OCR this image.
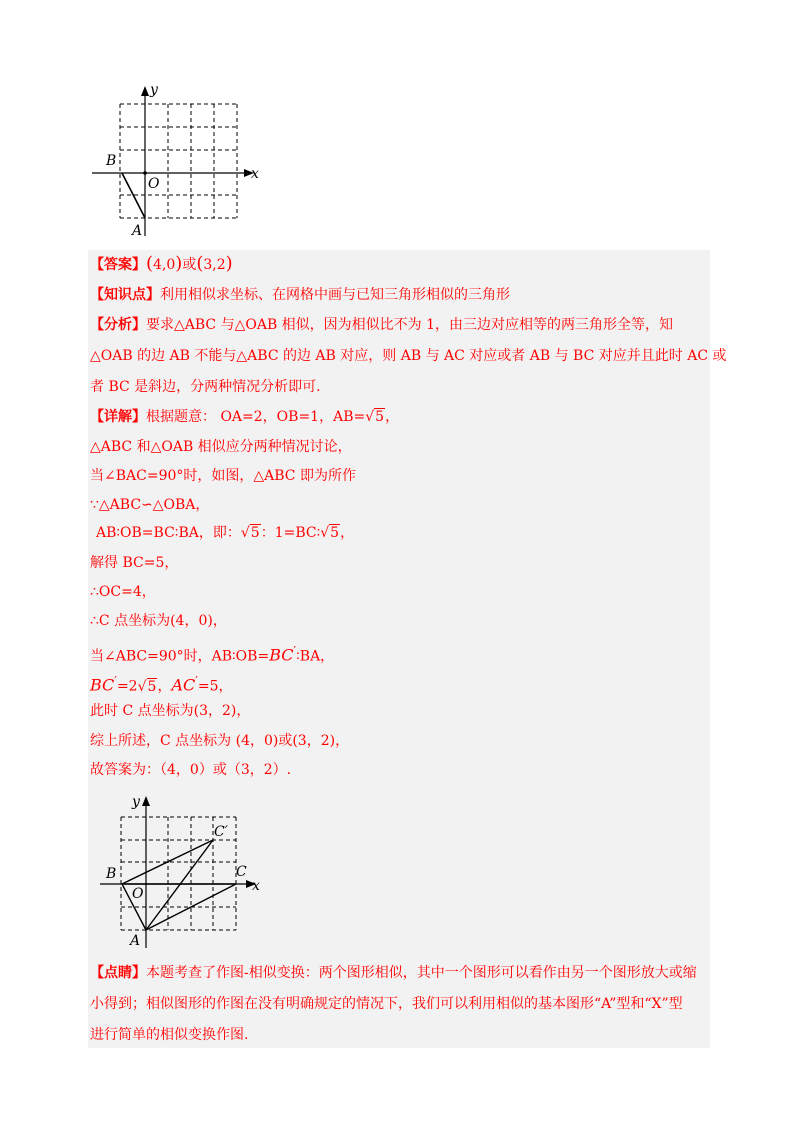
y
x
B
O
A
【答案】(4,0)或(3,2)
【知识点】利用相似求坐标、在网格中画与已知三角形相似的三角形
【分析】要求△ABC 与△OAB 相似，因为相似比不为 1，由三边对应相等的两三角形全等，知
△OAB 的边 AB 不能与△ABC 的边 AB 对应，则 AB 与 AC 对应或者 AB 与 BC 对应并且此时 AC 或
者 BC 是斜边，分两种情况分析即可.
【详解】根据题意： OA=2，OB=1，AB=√5，
△ABC 和△OAB 相似应分两种情况讨论，
当∠BAC=90°时，如图，△ABC 即为所作
∵△ABC∽△OBA，
AB∶OB=BC∶BA，即：√5：1=BC∶√5，
解得 BC=5，
∴OC=4，
∴C 点坐标为(4，0)，
当∠ABC=90°时，AB∶OB=BC′∶BA，
BC′=2√5，AC′=5，
此时 C 点坐标为(3，2)，
综上所述，C 点坐标为 (4，0)或(3，2)，
故答案为：（4，0）或（3，2）.
y
x
B
O
A
C
C′
【点睛】本题考查了作图-相似变换：两个图形相似，其中一个图形可以看作由另一个图形放大或缩
小得到；相似图形的作图在没有明确规定的情况下，我们可以利用相似的基本图形“A”型和“X”型
进行简单的相似变换作图.
